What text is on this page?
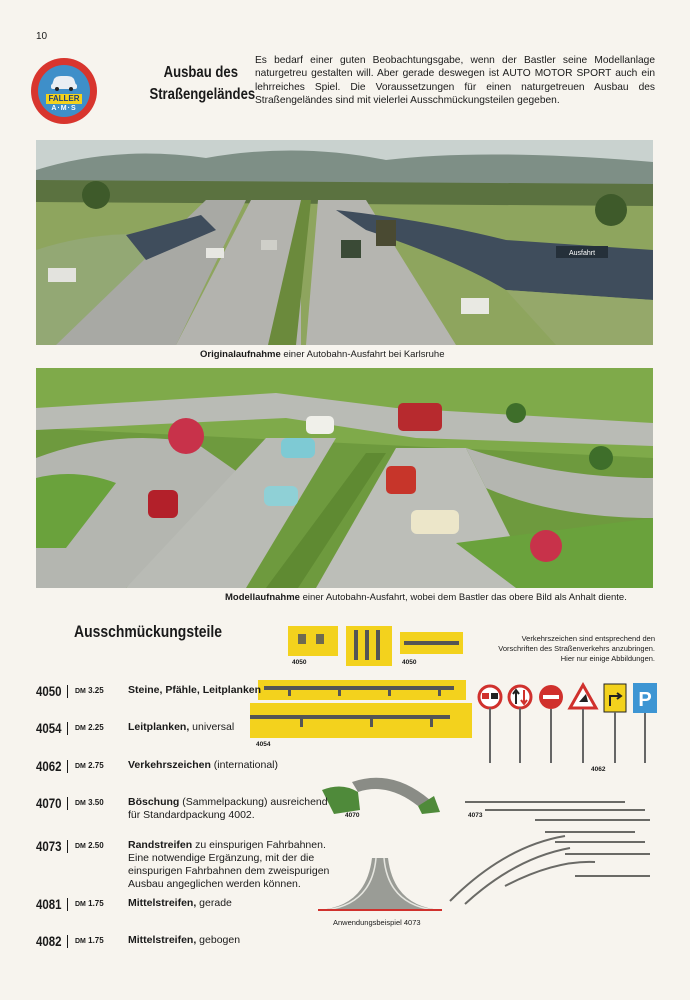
10
FALLER
A·M·S
Ausbau des
Straßengeländes
Es bedarf einer guten Beobachtungsgabe, wenn der Bastler seine Modellanlage naturgetreu gestalten will. Aber gerade deswegen ist AUTO MOTOR SPORT auch ein lehrreiches Spiel. Die Voraussetzungen für einen naturgetreuen Ausbau des Straßengeländes sind mit vielerlei Ausschmückungsteilen gegeben.
Ausfahrt
Originalaufnahme einer Autobahn-Ausfahrt bei Karlsruhe
Modellaufnahme einer Autobahn-Ausfahrt, wobei dem Bastler das obere Bild als Anhalt diente.
Ausschmückungsteile
4050	4050
4054
Verkehrszeichen sind entsprechend den Vorschriften des Straßenverkehrs anzubringen. Hier nur einige Abbildungen.
P
4062
4070	4073
Anwendungsbeispiel 4073
4050 DM 3.25 Steine, Pfähle, Leitplanken
4054 DM 2.25 Leitplanken, universal
4062 DM 2.75 Verkehrszeichen (international)
4070 DM 3.50 Böschung (Sammelpackung) ausreichend
für Standardpackung 4002.
4073 DM 2.50 Randstreifen zu einspurigen Fahrbahnen.
Eine notwendige Ergänzung, mit der die
einspurigen Fahrbahnen dem zweispurigen
Ausbau angeglichen werden können.
4081 DM 1.75 Mittelstreifen, gerade
4082 DM 1.75 Mittelstreifen, gebogen
